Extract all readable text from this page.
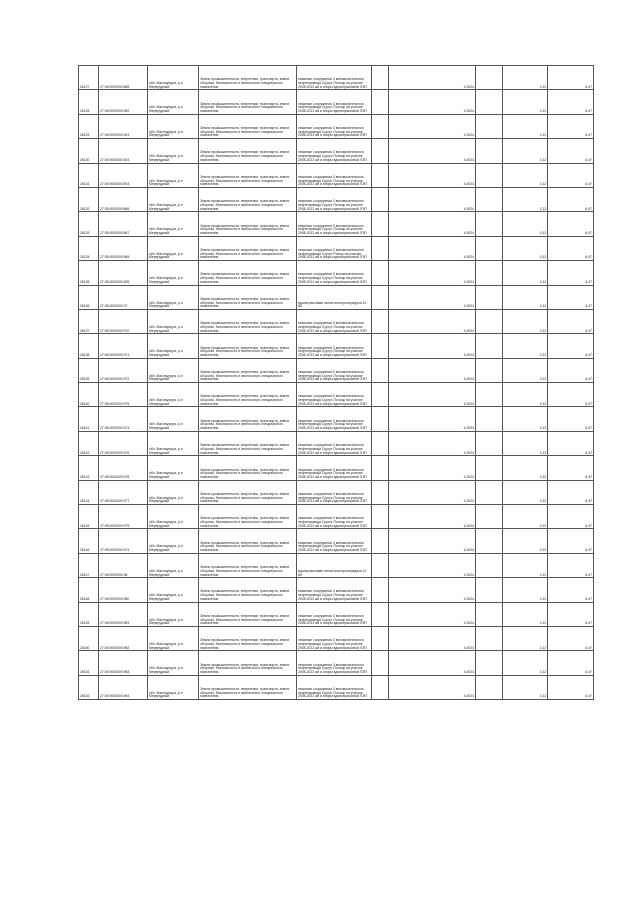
26127	27:05:0000000:868	обл. Маслауорра, р-н Мерерудный	Земли промышленности, энергетики, транспорта, земли обороны, безопасности и земли иного специального назначения	нежилые сооружения 3 вспомогательного нефтепровода Сургут-Полоцк на участке 2008-2012 км и опоры вдольтрассовой ЛЭП		4,0024		0,12	6,47
26128	27:05:0000000:962	обл. Маслауорра, р-н Мерерудный	Земли промышленности, энергетики, транспорта, земли обороны, безопасности и земли иного специального назначения	нежилые сооружения 3 вспомогательного нефтепровода Сургут-Полоцк на участке 2008-2012 км и опоры вдольтрассовой ЛЭП		4,0024		0,12	6,47
26129	27:05:0000000:301	обл. Маслауорра, р-н Мерерудный	Земли промышленности, энергетики, транспорта, земли обороны, безопасности и земли иного специального назначения	нежилые сооружения 3 вспомогательного нефтепровода Сургут-Полоцк на участке 2008-2012 км и опоры вдольтрассовой ЛЭП		4,0024		0,12	6,47
26130	27:05:0000000:304	обл. Маслауорра, р-н Мерерудный	Земли промышленности, энергетики, транспорта, земли обороны, безопасности и земли иного специального назначения	нежилые сооружения 3 вспомогательного нефтепровода Сургут-Полоцк на участке 2008-2012 км и опоры вдольтрассовой ЛЭП		4,0024		0,12	6,47
26131	27:05:0000000:903	обл. Маслауорра, р-н Мерерудный	Земли промышленности, энергетики, транспорта, земли обороны, безопасности и земли иного специального назначения	нежилые сооружения 3 вспомогательного нефтепровода Сургут-Полоцк на участке 2008-2012 км и опоры вдольтрассовой ЛЭП		4,0024		0,12	6,47
26132	27:05:0000000:866	обл. Маслауорра, р-н Мерерудный	Земли промышленности, энергетики, транспорта, земли обороны, безопасности и земли иного специального назначения	нежилые сооружения 3 вспомогательного нефтепровода Сургут-Полоцк на участке 2008-2012 км и опоры вдольтрассовой ЛЭП		4,0024		2,12	6,47
26133	27:05:0000000:867	обл. Маслауорра, р-н Мерерудный	Земли промышленности, энергетики, транспорта, земли обороны, безопасности и земли иного специального назначения	нежилые сооружения 3 вспомогательного нефтепровода Сургут-Полоцк на участке 2008-2012 км и опоры вдольтрассовой ЛЭП		4,0024		0,12	6,47
26134	27:05:0000000:965	обл. Маслауорра, р-н Мерерудный	Земли промышленности, энергетики, транспорта, земли обороны, безопасности и земли иного специального назначения	нежилые сооружения 3 вспомогательного нефтепровода Сургут-Polоцк на участке 2008-2012 км и опоры вдольтрассовой ЛЭП		4,0024		0,12	6,47
26135	27:05:0000000:309	обл. Маслауорра, р-н Мерерудный	Земли промышленности, энергетики, транспорта, земли обороны, безопасности и земли иного специального назначения	нежилые сооружения 3 вспомогательного нефтепровода Сургут-Полоцк на участке 2008-2012 км и опоры вдольтрассовой ЛЭП		4,0024		0,12	6,47
26136	27:05:0000000:37	обл. Маслауорра, р-н Мерерудный	Земли промышленности, энергетики, транспорта, земли обороны, безопасности и земли иного специального назначения	вдольтрассовая линия электропередачи 10 кВ		4,0024		0,12	6,47
26137	27:05:0000000:970	обл. Маслауорра, р-н Мерерудный	Земли промышленности, энергетики, транспорта, земли обороны, безопасности и земли иного специального назначения	нежилые сооружения 3 вспомогательного нефтепровода Сургут-Полоцк на участке 2008-2012 км и опоры вдольтрассовой ЛЭП		4,0024		0,12	6,47
26138	27:05:0000000:971	обл. Маслауорра, р-н Мерерудный	Земли промышленности, энергетики, транспорта, земли обороны, безопасности и земли иного специального назначения	нежилые сооружения 3 вспомогательного нефтепровода Сургут-Полоцк на участке 2008-2012 км и опоры вдольтрассовой ЛЭП		4,0024		2,12	6,47
26139	27:05:0000000:972	обл. Маслауорра, р-н Мерерудный	Земли промышленности, энергетики, транспорта, земли обороны, безопасности и земли иного специального назначения	нежилые сооружения 3 вспомогательного нефтепровода Сургут-Полоцк на участке 2008-2012 км и опоры вдольтрассовой ЛЭП		4,0024		0,12	6,47
26140	27:05:0000000:975	обл. Маслауорра, р-н Мерерудный	Земли промышленности, энергетики, транспорта, земли обороны, безопасности и земли иного специального назначения	нежилые сооружения 3 вспомогательного нефтепровода Сургут-Полоцк на участке 2008-2012 км и опоры вдольтрассовой ЛЭП		4,0024		0,12	6,47
26141	27:05:0000000:974	обл. Маслауорра, р-н Мерерудный	Земли промышленности, энергетики, транспорта, земли обороны, безопасности и земли иного специального назначения	нежилые сооружения 3 вспомогательного нефтепровода Сургут-Полоцк на участке 2008-2012 км и опоры вдольтрассовой ЛЭП		4,0024		0,12	6,47
26142	27:05:0000000:976	обл. Маслауорра, р-н Мерерудный	Земли промышленности, энергетики, транспорта, земли обороны, безопасности и земли иного специального назначения	нежилые сооружения 3 вспомогательного нефтепровода Сургут-Полоцк на участке 2008-2012 км и опоры вдольтрассовой ЛЭП		4,0024		0,12	6,47
26143	27:05:0000000:978	обл. Маслауорра, р-н Мерерудный	Земли промышленности, энергетики, транспорта, земли обороны, безопасности и земли иного специального назначения	нежилые сооружения 3 вспомогательного нефтепровода Сургут-Полоцк на участке 2008-2012 км и опоры вдольтрассовой ЛЭП		4,0024		0,12	6,47
26144	27:05:0000000:977	обл. Маслауорра, р-н Мерерудный	Земли промышленности, энергетики, транспорта, земли обороны, безопасности и земли иного специального назначения	нежилые сооружения 3 вспомогательного нефтепровода Сургут-Полоцк на участке 2008-2012 км и опоры вдольтрассовой ЛЭП		4,0024		0,12	6,47
26145	27:05:0000000:979	обл. Маслауорра, р-н Мерерудный	Земли промышленности, энергетики, транспорта, земли обороны, безопасности и земли иного специального назначения	нежилые сооружения 3 вспомогательного нефтепровода Сургут-Полоцк на участке 2008-2012 км и опоры вдольтрассовой ЛЭП		4,0024		0,12	6,47
26146	27:05:0000000:974	обл. Маслауорра, р-н Мерерудный	Земли промышленности, энергетики, транспорта, земли обороны, безопасности и земли иного специального назначения	нежилые сооружения 3 вспомогательного нефтепровода Сургут-Полоцк на участке 2008-2012 км и опоры вдольтрассовой ЛЭП		4,0024		0,12	6,47
26147	27:05:0000000:38	обл. Маслауорра, р-н Мерерудный	Земли промышленности, энергетики, транспорта, земли обороны, безопасности и земли иного специального назначения	вдольтрассовая линия электропередачи 10 кВ		4,0024		0,12	6,47
26148	27:05:0000000:980	обл. Маслауорра, р-н Мерерудный	Земли промышленности, энергетики, транспорта, земли обороны, безопасности и земли иного специального назначения	нежилые сооружения 3 вспомогательного нефтепровода Сургут-Полоцк на участке 2008-2012 км и опоры вдольтрассовой ЛЭП		4,0024		0,12	6,47
26149	27:05:0000000:981	обл. Маслауорра, р-н Мерерудный	Земли промышленности, энергетики, транспорта, земли обороны, безопасности и земли иного специального назначения	нежилые сооружения 3 вспомогательного нефтепровода Сургут-Полоцк на участке 2008-2012 км и опоры вдольтрассовой ЛЭП		4,0024		0,12	6,47
26150	27:05:0000000:982	обл. Маслауорра, р-н Мерерудный	Земли промышленности, энергетики, транспорта, земли обороны, безопасности и земли иного специального назначения	нежилые сооружения 3 вспомогательного нефтепровода Сургут-Полоцк на участке 2008-2012 км и опоры вдольтрассовой ЛЭП		4,0024		2,12	6,47
26151	27:05:0000000:983	обл. Маслауорра, р-н Мерерудный	Земли промышленности, энергетики, транспорта, земли обороны, безопасности и земли иного специального назначения	нежилые сооружения 3 вспомогательного нефтепровода Сургут-Полоцк на участке 2008-2012 км и опоры вдольтрассовой ЛЭП		4,0024		0,12	6,47
26152	27:05:0000000:984	обл. Маслауорра, р-н Мерерудный	Земли промышленности, энергетики, транспорта, земли обороны, безопасности и земли иного специального назначения	нежилые сооружения 3 вспомогательного нефтепровода Сургут-Полоцк на участке 2008-2012 км и опоры вдольтрассовой ЛЭП		4,0024		0,12	6,47
